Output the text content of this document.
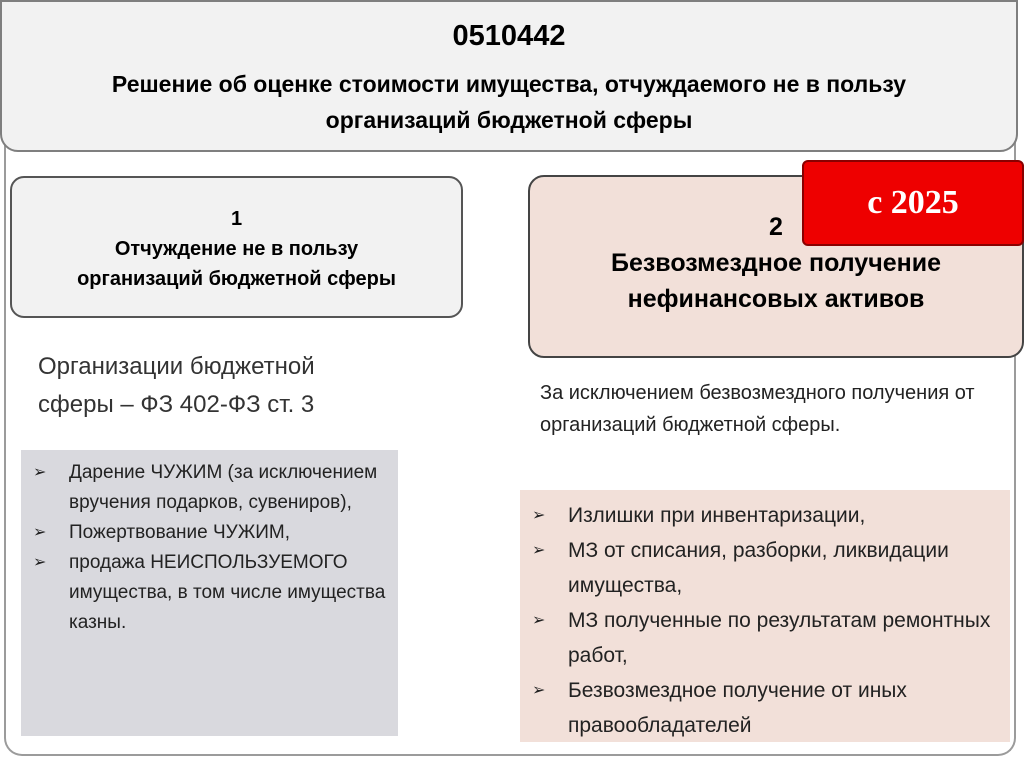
0510442
Решение об оценке стоимости имущества, отчуждаемого не в пользу организаций бюджетной сферы
1
Отчуждение не в пользу
организаций бюджетной сферы
2
Безвозмездное получение
нефинансовых активов
с 2025
Организации бюджетной
сферы – ФЗ 402-ФЗ ст. 3	За исключением безвозмездного получения от организаций бюджетной сферы.
➢ Дарение ЧУЖИМ (за исключением вручения подарков, сувениров),
➢ Пожертвование ЧУЖИМ,
➢ продажа НЕИСПОЛЬЗУЕМОГО имущества, в том числе имущества казны.
➢ Излишки при инвентаризации,
➢ МЗ от списания, разборки, ликвидации имущества,
➢ МЗ полученные по результатам ремонтных работ,
➢ Безвозмездное получение от иных правообладателей
